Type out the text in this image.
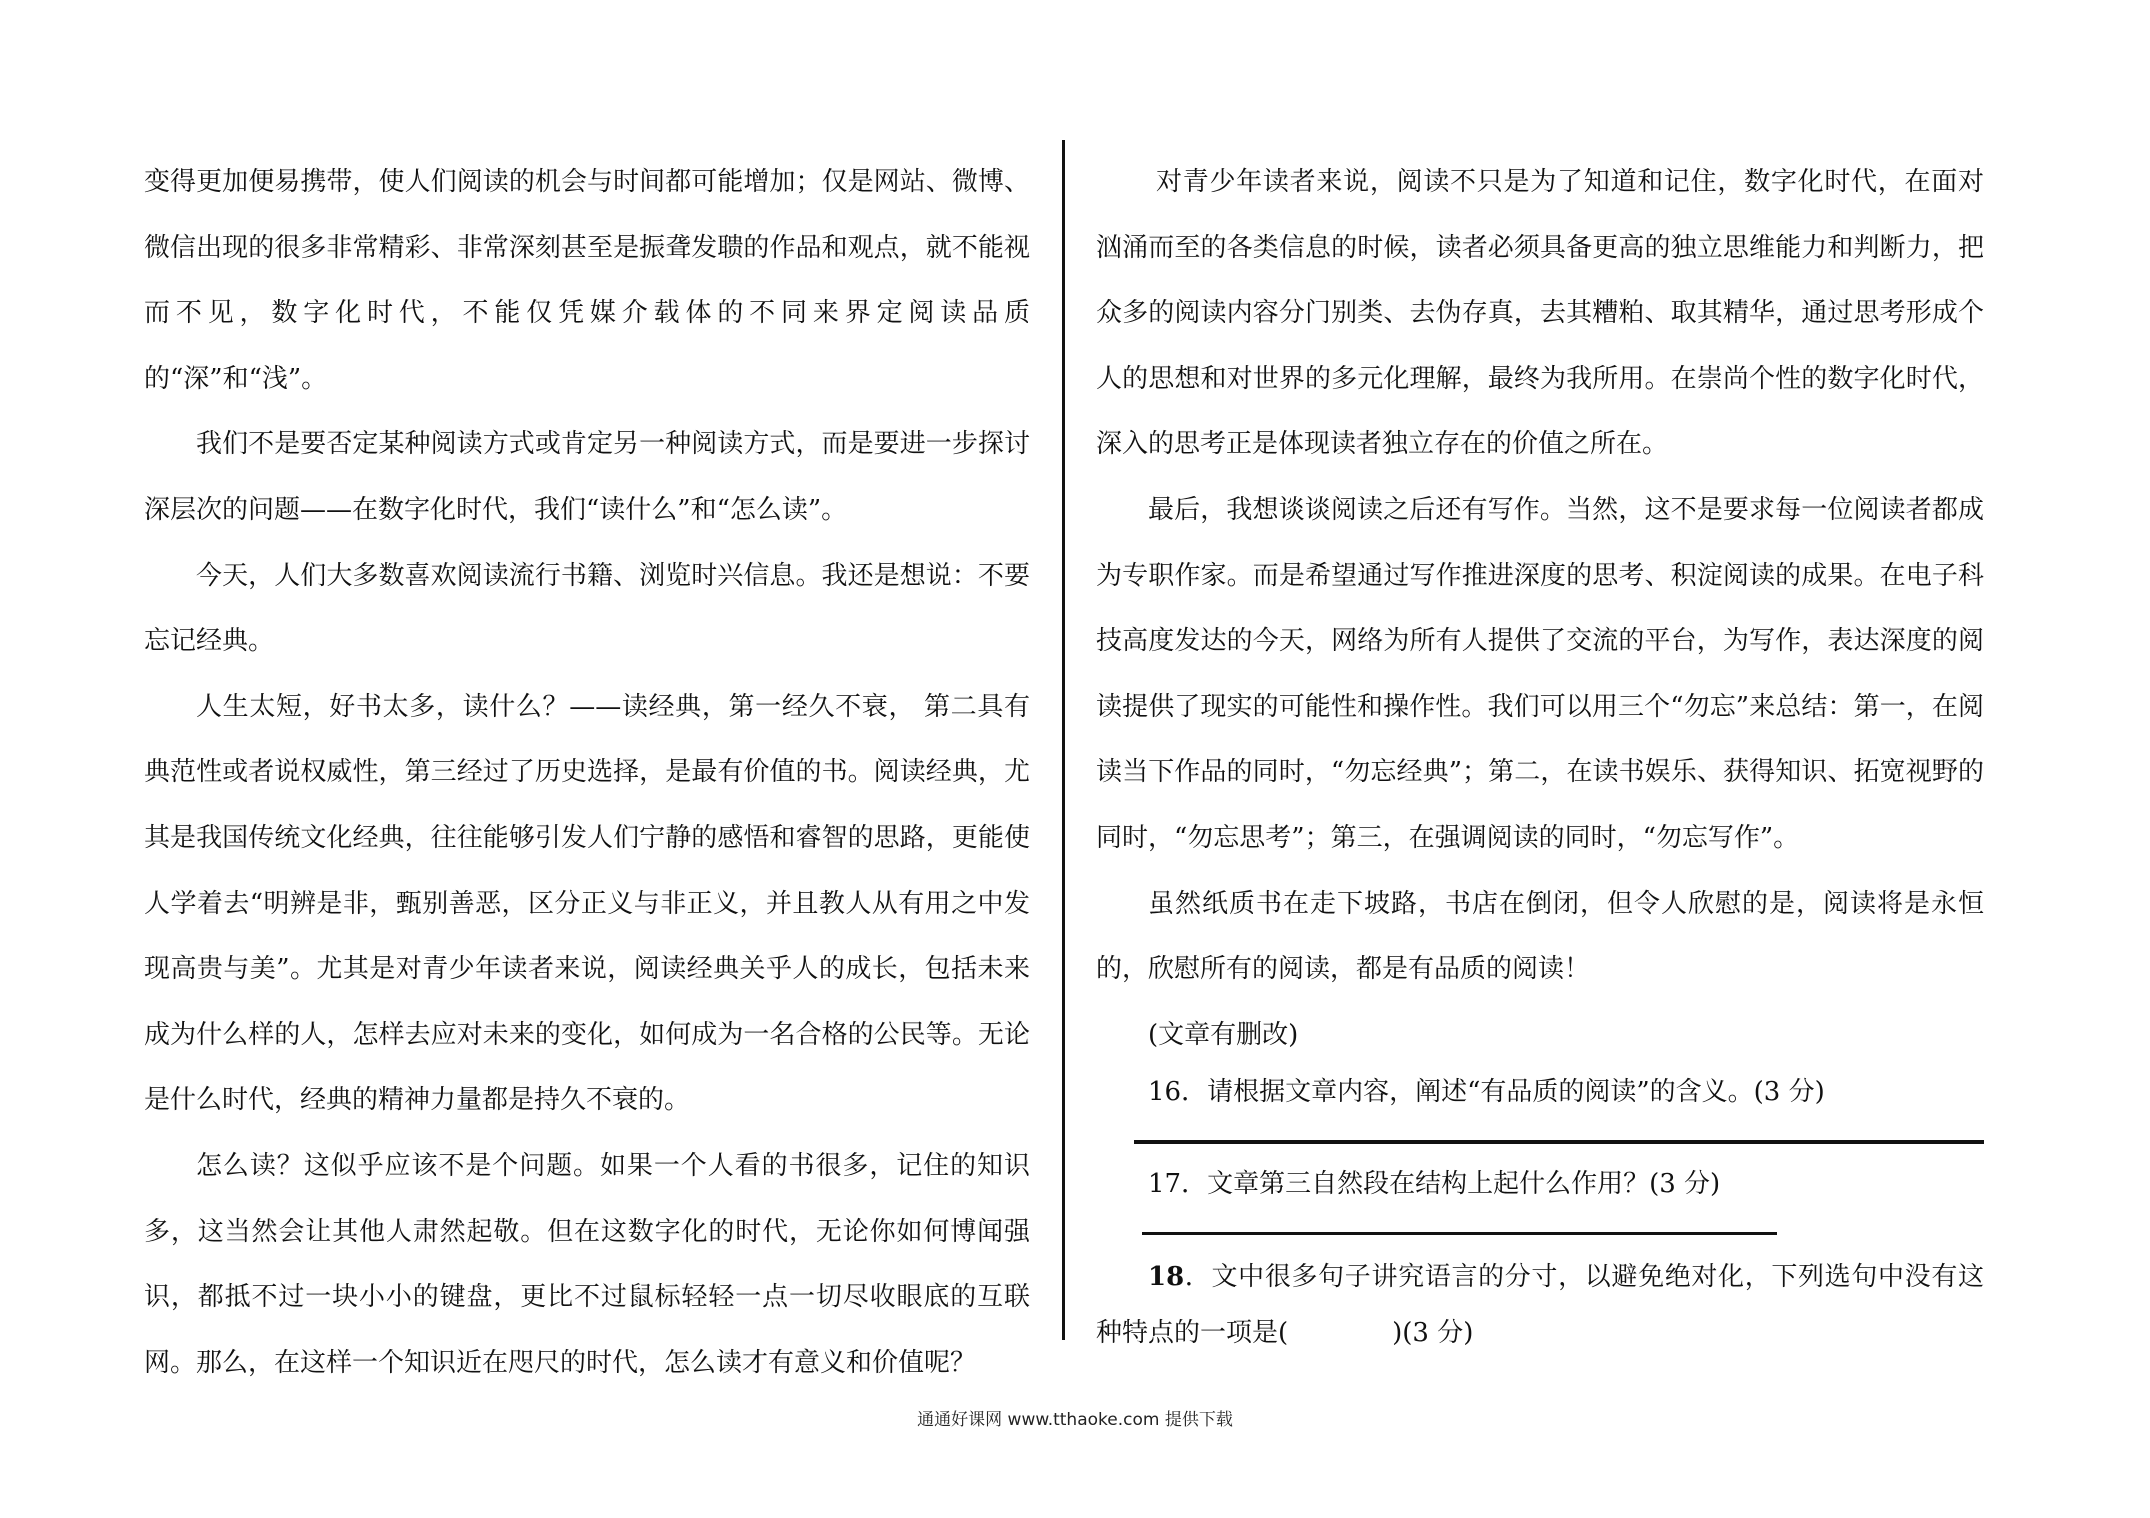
变得更加便易携带，使人们阅读的机会与时间都可能增加；仅是网站、微博、微信出现的很多非常精彩、非常深刻甚至是振聋发聩的作品和观点，就不能视而不见，数字化时代，不能仅凭媒介载体的不同来界定阅读品质的“深”和“浅”。

我们不是要否定某种阅读方式或肯定另一种阅读方式，而是要进一步探讨深层次的问题——在数字化时代，我们“读什么”和“怎么读”。

今天，人们大多数喜欢阅读流行书籍、浏览时兴信息。我还是想说：不要忘记经典。

人生太短，好书太多，读什么？——读经典，第一经久不衰， 第二具有典范性或者说权威性，第三经过了历史选择，是最有价值的书。阅读经典，尤其是我国传统文化经典，往往能够引发人们宁静的感悟和睿智的思路，更能使人学着去“明辨是非，甄别善恶，区分正义与非正义，并且教人从有用之中发现高贵与美”。尤其是对青少年读者来说，阅读经典关乎人的成长，包括未来成为什么样的人，怎样去应对未来的变化，如何成为一名合格的公民等。无论是什么时代，经典的精神力量都是持久不衰的。

怎么读？这似乎应该不是个问题。如果一个人看的书很多，记住的知识多，这当然会让其他人肃然起敬。但在这数字化的时代，无论你如何博闻强识，都抵不过一块小小的键盘，更比不过鼠标轻轻一点一切尽收眼底的互联网。那么，在这样一个知识近在咫尺的时代，怎么读才有意义和价值呢？

对青少年读者来说，阅读不只是为了知道和记住，数字化时代，在面对汹涌而至的各类信息的时候，读者必须具备更高的独立思维能力和判断力，把众多的阅读内容分门别类、去伪存真，去其糟粕、取其精华，通过思考形成个人的思想和对世界的多元化理解，最终为我所用。在崇尚个性的数字化时代，深入的思考正是体现读者独立存在的价值之所在。

最后，我想谈谈阅读之后还有写作。当然，这不是要求每一位阅读者都成为专职作家。而是希望通过写作推进深度的思考、积淀阅读的成果。在电子科技高度发达的今天，网络为所有人提供了交流的平台，为写作，表达深度的阅读提供了现实的可能性和操作性。我们可以用三个“勿忘”来总结：第一，在阅读当下作品的同时，“勿忘经典”；第二，在读书娱乐、获得知识、拓宽视野的同时，“勿忘思考”；第三，在强调阅读的同时，“勿忘写作”。

虽然纸质书在走下坡路，书店在倒闭，但令人欣慰的是，阅读将是永恒的，欣慰所有的阅读，都是有品质的阅读！

(文章有删改)

16．请根据文章内容，阐述“有品质的阅读”的含义。(3 分)

17．文章第三自然段在结构上起什么作用？(3 分)

18．文中很多句子讲究语言的分寸，以避免绝对化，下列选句中没有这种特点的一项是(　　　　)(3 分)

通通好课网 www.tthaoke.com 提供下载
